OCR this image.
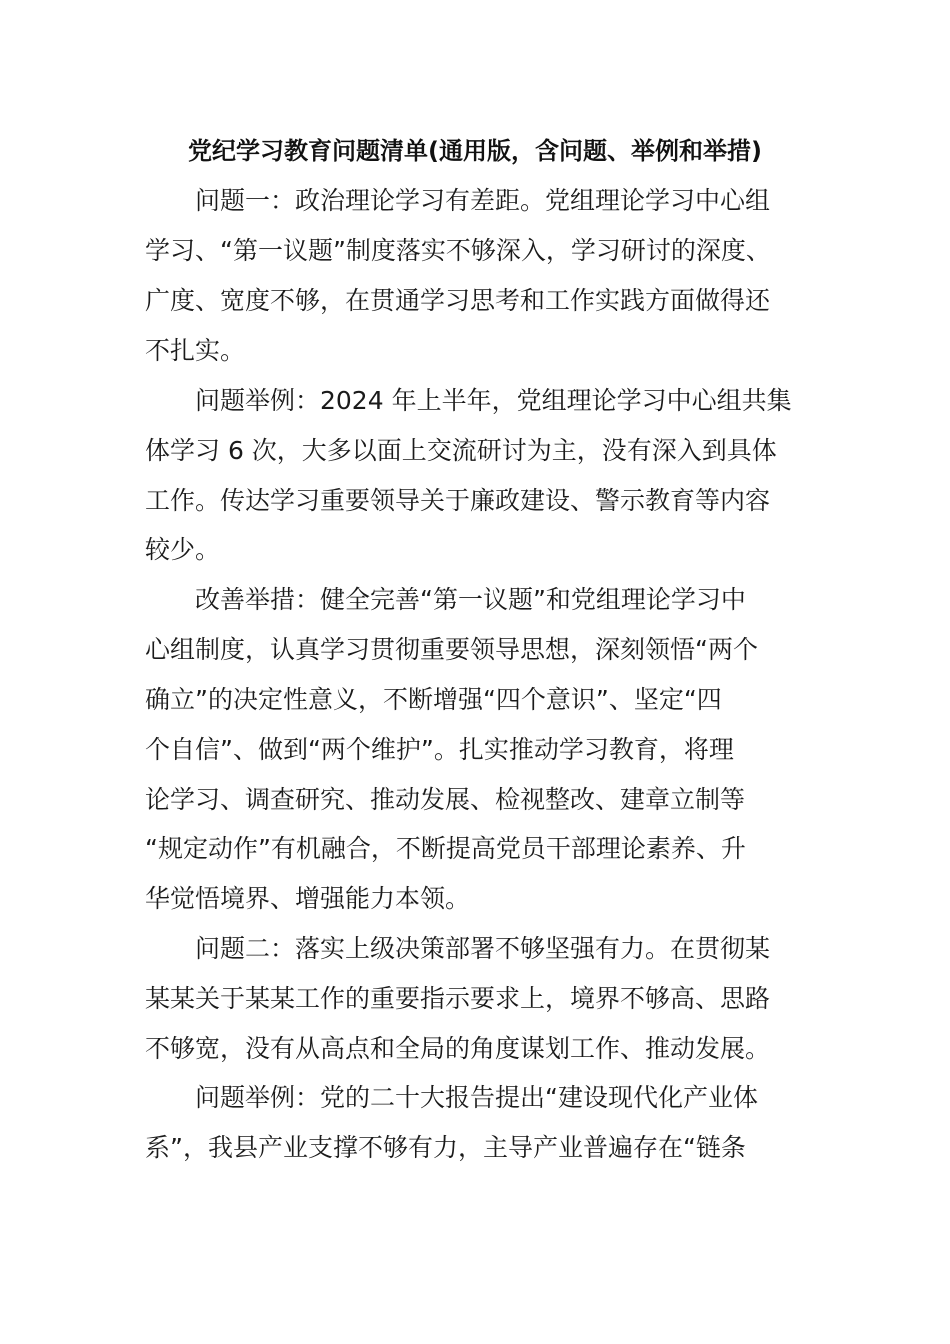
党纪学习教育问题清单(通用版，含问题、举例和举措)
问题一：政治理论学习有差距。党组理论学习中心组
学习、“第一议题”制度落实不够深入，学习研讨的深度、
广度、宽度不够，在贯通学习思考和工作实践方面做得还
不扎实。
问题举例：2024 年上半年，党组理论学习中心组共集
体学习 6 次，大多以面上交流研讨为主，没有深入到具体
工作。传达学习重要领导关于廉政建设、警示教育等内容
较少。
改善举措：健全完善“第一议题”和党组理论学习中
心组制度，认真学习贯彻重要领导思想，深刻领悟“两个
确立”的决定性意义，不断增强“四个意识”、坚定“四
个自信”、做到“两个维护”。扎实推动学习教育，将理
论学习、调查研究、推动发展、检视整改、建章立制等
“规定动作”有机融合，不断提高党员干部理论素养、升
华觉悟境界、增强能力本领。
问题二：落实上级决策部署不够坚强有力。在贯彻某
某某关于某某工作的重要指示要求上，境界不够高、思路
不够宽，没有从高点和全局的角度谋划工作、推动发展。
问题举例：党的二十大报告提出“建设现代化产业体
系”，我县产业支撑不够有力，主导产业普遍存在“链条
